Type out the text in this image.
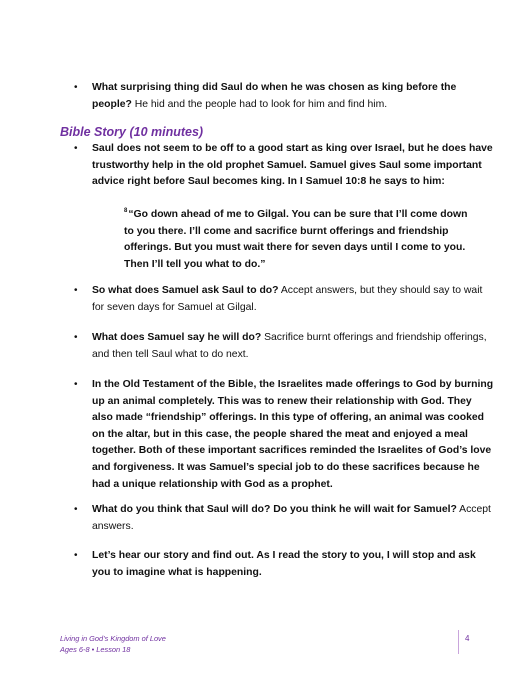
• What surprising thing did Saul do when he was chosen as king before the people? He hid and the people had to look for him and find him.
Bible Story (10 minutes)
• Saul does not seem to be off to a good start as king over Israel, but he does have trustworthy help in the old prophet Samuel. Samuel gives Saul some important advice right before Saul becomes king. In I Samuel 10:8 he says to him:
$^8$“Go down ahead of me to Gilgal. You can be sure that I’ll come down to you there. I’ll come and sacrifice burnt offerings and friendship offerings. But you must wait there for seven days until I come to you. Then I’ll tell you what to do.”
• So what does Samuel ask Saul to do? Accept answers, but they should say to wait for seven days for Samuel at Gilgal.
• What does Samuel say he will do? Sacrifice burnt offerings and friendship offerings, and then tell Saul what to do next.
• In the Old Testament of the Bible, the Israelites made offerings to God by burning up an animal completely. This was to renew their relationship with God. They also made “friendship” offerings. In this type of offering, an animal was cooked on the altar, but in this case, the people shared the meat and enjoyed a meal together. Both of these important sacrifices reminded the Israelites of God’s love and forgiveness. It was Samuel’s special job to do these sacrifices because he had a unique relationship with God as a prophet.
• What do you think that Saul will do? Do you think he will wait for Samuel? Accept answers.
• Let’s hear our story and find out. As I read the story to you, I will stop and ask you to imagine what is happening.
Living in God’s Kingdom of Love
Ages 6-8 • Lesson 18
4
